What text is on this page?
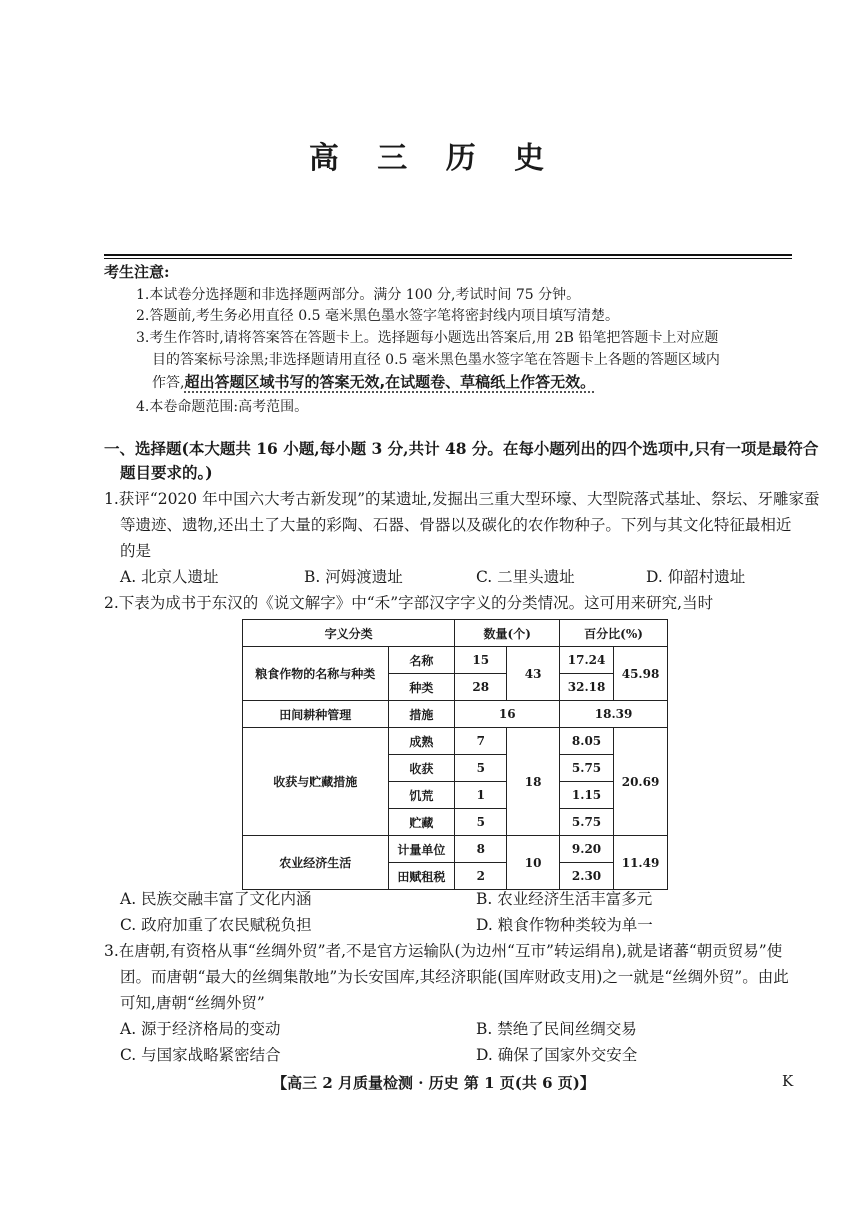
高 三 历 史
考生注意:
1.本试卷分选择题和非选择题两部分。满分 100 分,考试时间 75 分钟。
2.答题前,考生务必用直径 0.5 毫米黑色墨水签字笔将密封线内项目填写清楚。
3.考生作答时,请将答案答在答题卡上。选择题每小题选出答案后,用 2B 铅笔把答题卡上对应题
目的答案标号涂黑;非选择题请用直径 0.5 毫米黑色墨水签字笔在答题卡上各题的答题区域内
作答,超出答题区域书写的答案无效,在试题卷、草稿纸上作答无效。
4.本卷命题范围:高考范围。
一、选择题(本大题共 16 小题,每小题 3 分,共计 48 分。在每小题列出的四个选项中,只有一项是最符合
题目要求的。)
1.获评“2020 年中国六大考古新发现”的某遗址,发掘出三重大型环壕、大型院落式基址、祭坛、牙雕家蚕
等遗迹、遗物,还出土了大量的彩陶、石器、骨器以及碳化的农作物种子。下列与其文化特征最相近
的是
A. 北京人遗址	B. 河姆渡遗址	C. 二里头遗址	D. 仰韶村遗址
2.下表为成书于东汉的《说文解字》中“禾”字部汉字字义的分类情况。这可用来研究,当时
字义分类		数量(个)		百分比(%)	
粮食作物的名称与种类	名称	15	43	17.24	45.98
	种类	28		32.18	
田间耕种管理	措施	16		18.39	
收获与贮藏措施	成熟	7	18	8.05	20.69
	收获	5		5.75	
	饥荒	1		1.15	
	贮藏	5		5.75	
农业经济生活	计量单位	8	10	9.20	11.49
	田赋租税	2		2.30	
A. 民族交融丰富了文化内涵	B. 农业经济生活丰富多元
C. 政府加重了农民赋税负担	D. 粮食作物种类较为单一
3.在唐朝,有资格从事“丝绸外贸”者,不是官方运输队(为边州“互市”转运绢帛),就是诸蕃“朝贡贸易”使
团。而唐朝“最大的丝绸集散地”为长安国库,其经济职能(国库财政支用)之一就是“丝绸外贸”。由此
可知,唐朝“丝绸外贸”
A. 源于经济格局的变动	B. 禁绝了民间丝绸交易
C. 与国家战略紧密结合	D. 确保了国家外交安全
【高三 2 月质量检测 · 历史 第 1 页(共 6 页)】	K
